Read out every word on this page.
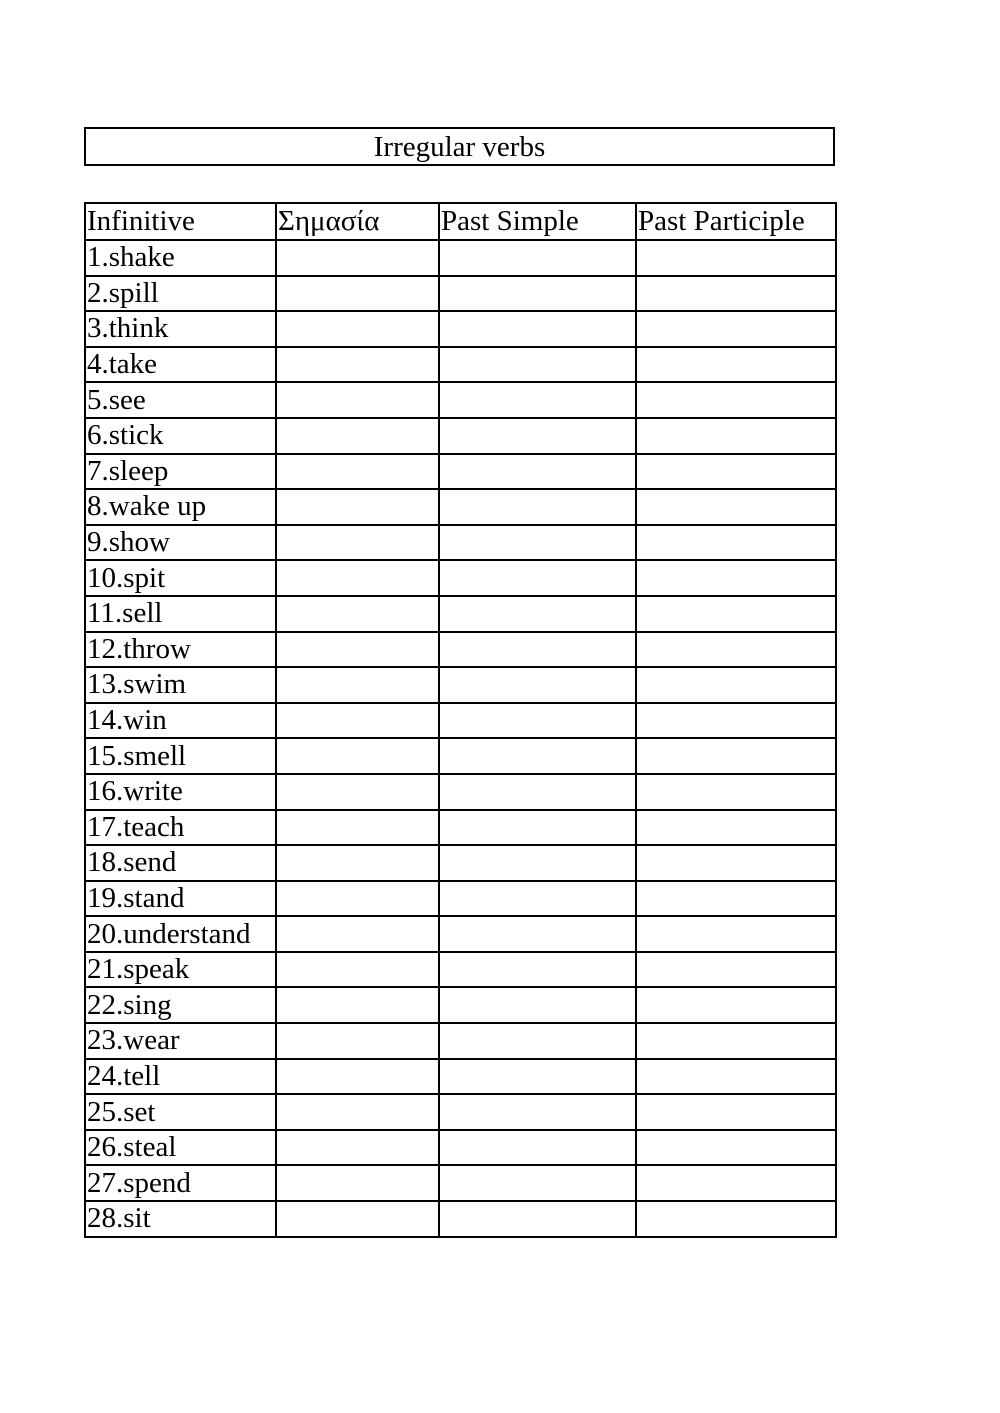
Irregular verbs
Infinitive	Σημασία	Past Simple	Past Participle
1.shake			
2.spill			
3.think			
4.take			
5.see			
6.stick			
7.sleep			
8.wake up			
9.show			
10.spit			
11.sell			
12.throw			
13.swim			
14.win			
15.smell			
16.write			
17.teach			
18.send			
19.stand			
20.understand			
21.speak			
22.sing			
23.wear			
24.tell			
25.set			
26.steal			
27.spend			
28.sit			
